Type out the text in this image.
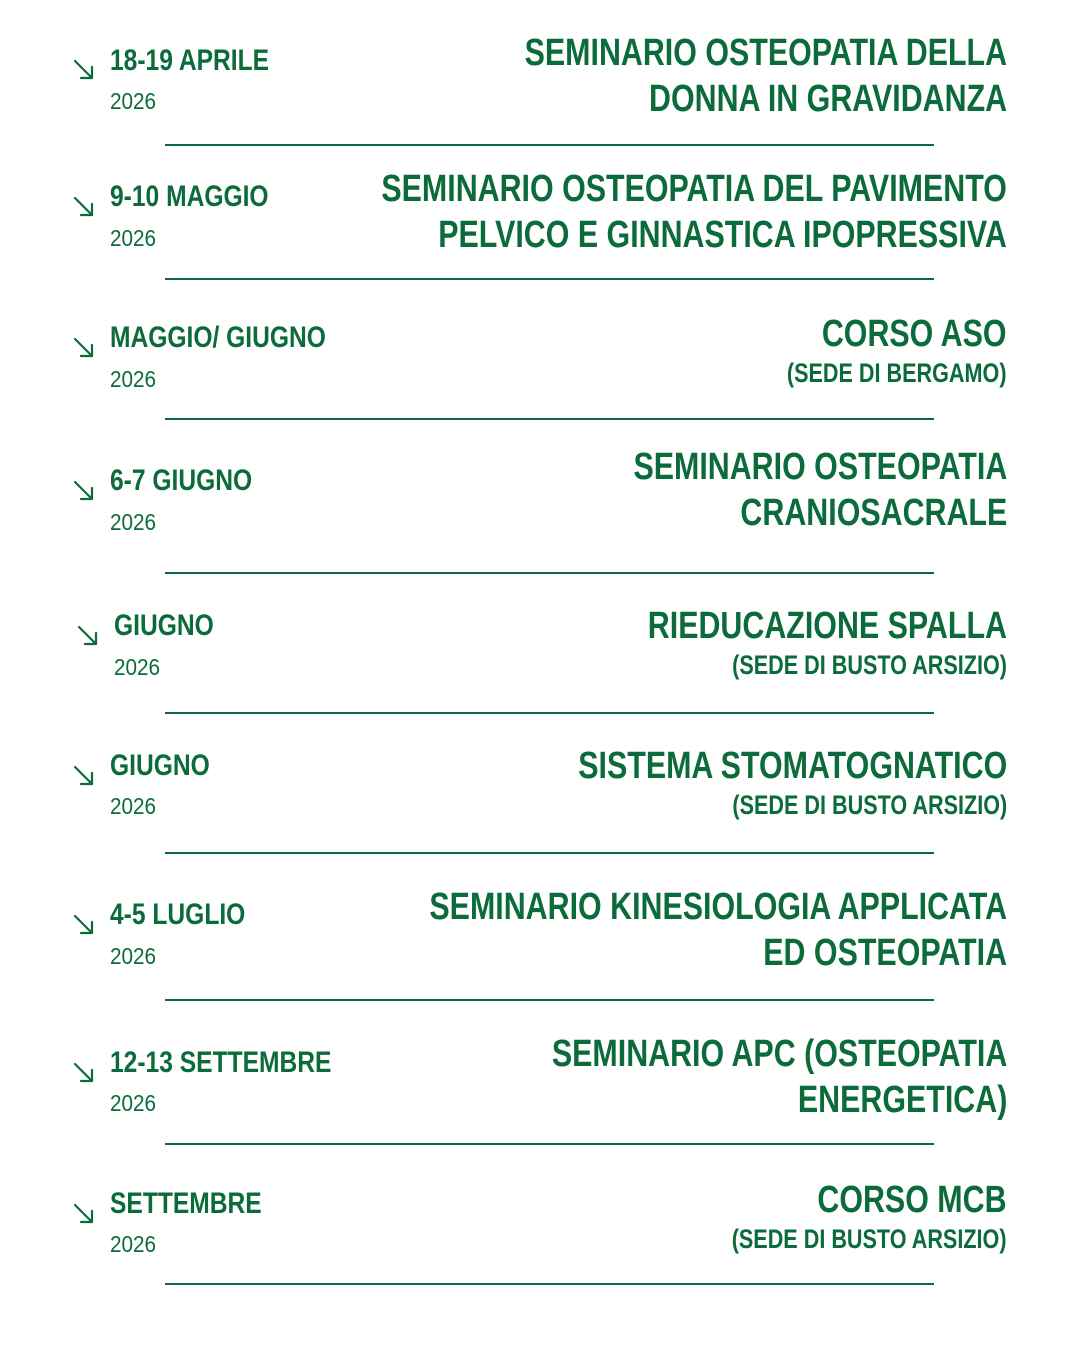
18-19 APRILE
2026
SEMINARIO OSTEOPATIA DELLA
DONNA IN GRAVIDANZA
9-10 MAGGIO
2026
SEMINARIO OSTEOPATIA DEL PAVIMENTO
PELVICO E GINNASTICA IPOPRESSIVA
MAGGIO/ GIUGNO
2026
CORSO ASO
(SEDE DI BERGAMO)
6-7 GIUGNO
2026
SEMINARIO OSTEOPATIA
CRANIOSACRALE
GIUGNO
2026
RIEDUCAZIONE SPALLA
(SEDE DI BUSTO ARSIZIO)
GIUGNO
2026
SISTEMA STOMATOGNATICO
(SEDE DI BUSTO ARSIZIO)
4-5 LUGLIO
2026
SEMINARIO KINESIOLOGIA APPLICATA
ED OSTEOPATIA
12-13 SETTEMBRE
2026
SEMINARIO APC (OSTEOPATIA
ENERGETICA)
SETTEMBRE
2026
CORSO MCB
(SEDE DI BUSTO ARSIZIO)
